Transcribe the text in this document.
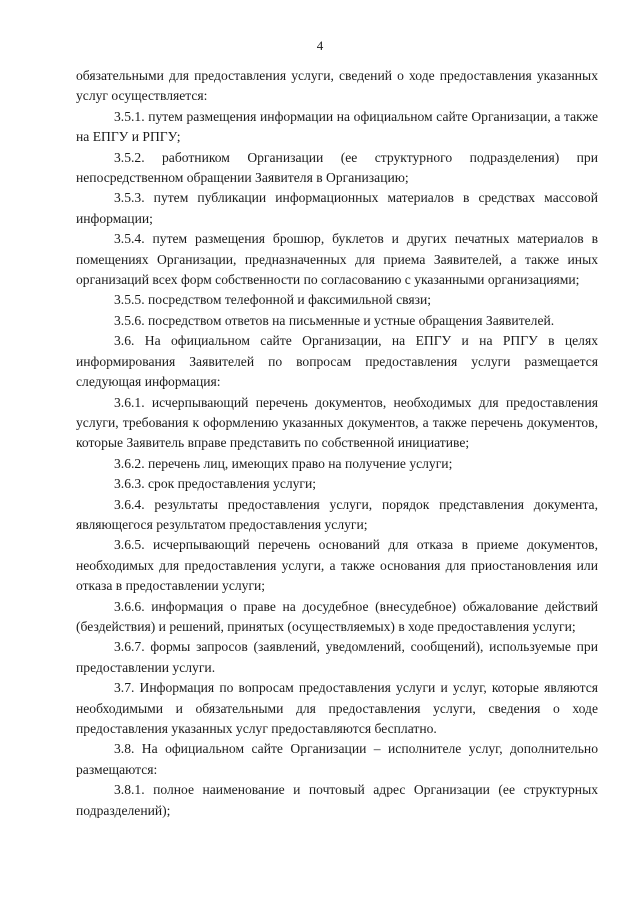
4

обязательными для предоставления услуги, сведений о ходе предоставления указанных услуг осуществляется:

3.5.1. путем размещения информации на официальном сайте Организации, а также на ЕПГУ и РПГУ;

3.5.2. работником Организации (ее структурного подразделения) при непосредственном обращении Заявителя в Организацию;

3.5.3. путем публикации информационных материалов в средствах массовой информации;

3.5.4. путем размещения брошюр, буклетов и других печатных материалов в помещениях Организации, предназначенных для приема Заявителей, а также иных организаций всех форм собственности по согласованию с указанными организациями;

3.5.5. посредством телефонной и факсимильной связи;

3.5.6. посредством ответов на письменные и устные обращения Заявителей.

3.6. На официальном сайте Организации, на ЕПГУ и на РПГУ в целях информирования Заявителей по вопросам предоставления услуги размещается следующая информация:

3.6.1. исчерпывающий перечень документов, необходимых для предоставления услуги, требования к оформлению указанных документов, а также перечень документов, которые Заявитель вправе представить по собственной инициативе;

3.6.2. перечень лиц, имеющих право на получение услуги;

3.6.3. срок предоставления услуги;

3.6.4. результаты предоставления услуги, порядок представления документа, являющегося результатом предоставления услуги;

3.6.5. исчерпывающий перечень оснований для отказа в приеме документов, необходимых для предоставления услуги, а также основания для приостановления или отказа в предоставлении услуги;

3.6.6. информация о праве на досудебное (внесудебное) обжалование действий (бездействия) и решений, принятых (осуществляемых) в ходе предоставления услуги;

3.6.7. формы запросов (заявлений, уведомлений, сообщений), используемые при предоставлении услуги.

3.7. Информация по вопросам предоставления услуги и услуг, которые являются необходимыми и обязательными для предоставления услуги, сведения о ходе предоставления указанных услуг предоставляются бесплатно.

3.8. На официальном сайте Организации – исполнителе услуг, дополнительно размещаются:

3.8.1. полное наименование и почтовый адрес Организации (ее структурных подразделений);
